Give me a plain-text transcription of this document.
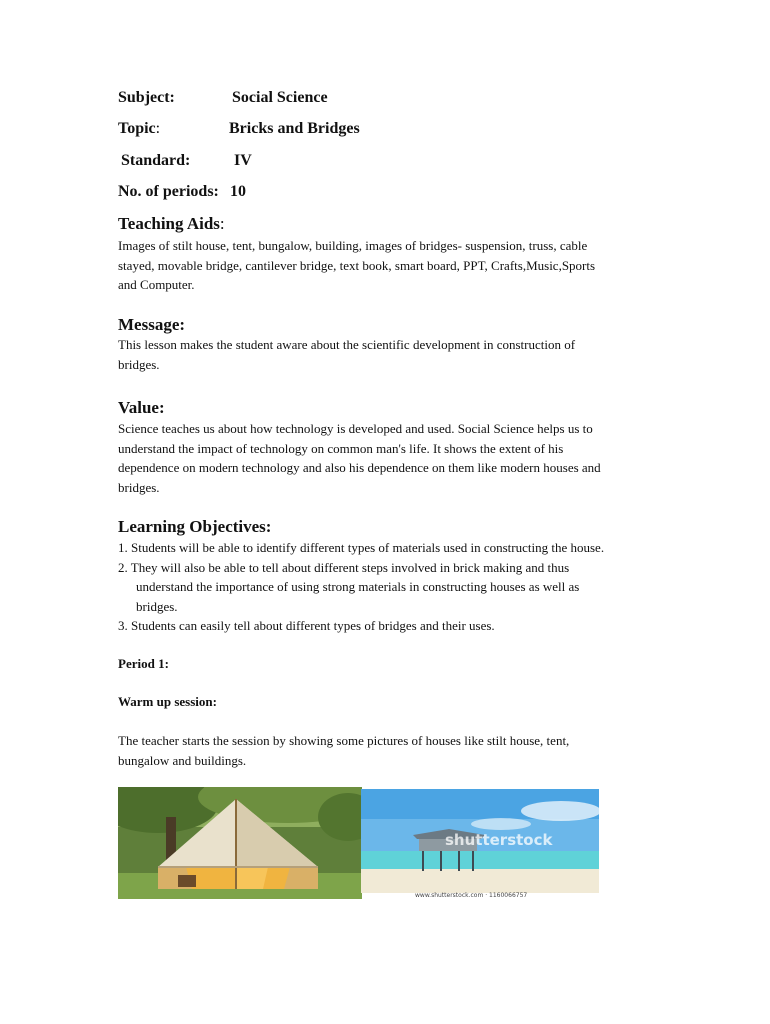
Subject:	Social Science
Topic:	Bricks and Bridges
Standard:	IV
No. of periods: 10
Teaching Aids:

Images of stilt house, tent, bungalow, building, images of bridges- suspension, truss, cable
stayed, movable bridge, cantilever bridge, text book, smart board, PPT, Crafts,Music,Sports
and Computer.

Message:

This lesson makes the student aware about the scientific development in construction of
bridges.

Value:

Science teaches us about how technology is developed and used. Social Science helps us to
understand the impact of technology on common man's life. It shows the extent of his
dependence on modern technology and also his dependence on them like modern houses and
bridges.

Learning Objectives:
1. Students will be able to identify different types of materials used in constructing the house.
2. They will also be able to tell about different steps involved in brick making and thus
understand the importance of using strong materials in constructing houses as well as
bridges.
3. Students can easily tell about different types of bridges and their uses.
Period 1:
Warm up session:

The teacher starts the session by showing some pictures of houses like stilt house, tent,
bungalow and buildings.

shutterstock
www.shutterstock.com · 1160066757
